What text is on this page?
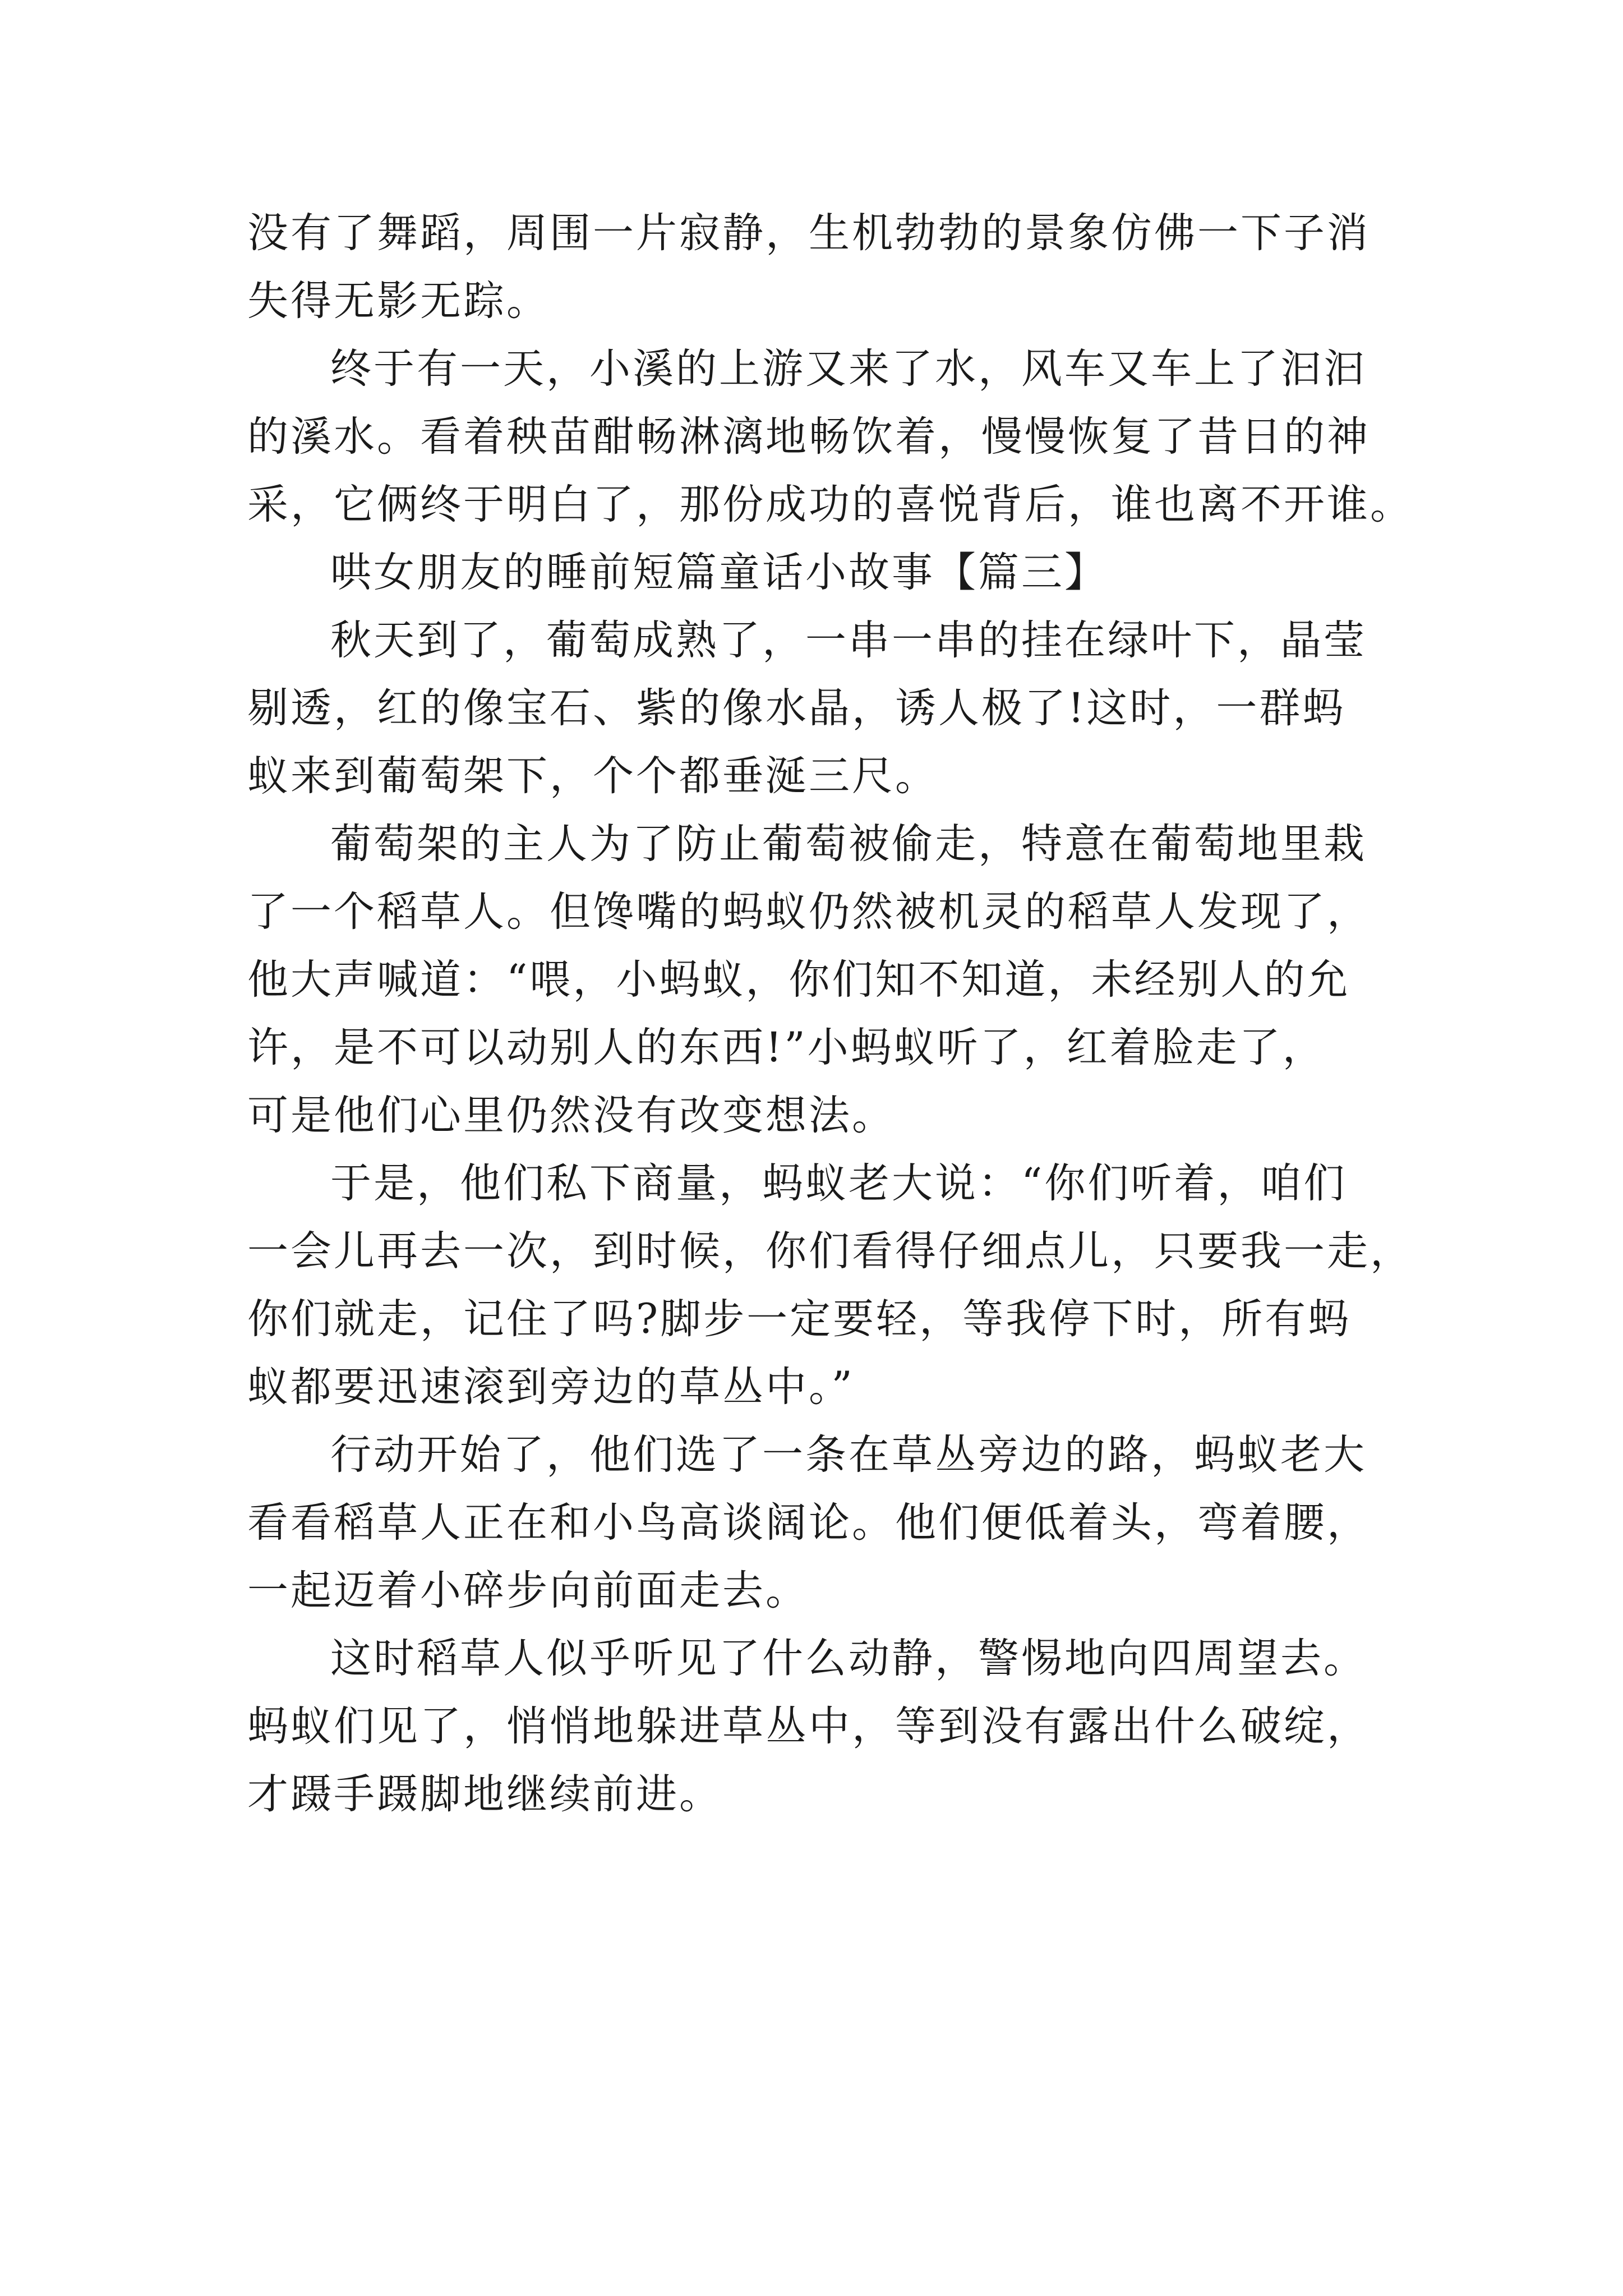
没有了舞蹈，周围一片寂静，生机勃勃的景象仿佛一下子消
失得无影无踪。
终于有一天，小溪的上游又来了水，风车又车上了汩汩
的溪水。看着秧苗酣畅淋漓地畅饮着，慢慢恢复了昔日的神
采，它俩终于明白了，那份成功的喜悦背后，谁也离不开谁。
哄女朋友的睡前短篇童话小故事【篇三】
秋天到了，葡萄成熟了，一串一串的挂在绿叶下，晶莹
剔透，红的像宝石、紫的像水晶，诱人极了!这时，一群蚂
蚁来到葡萄架下，个个都垂涎三尺。
葡萄架的主人为了防止葡萄被偷走，特意在葡萄地里栽
了一个稻草人。但馋嘴的蚂蚁仍然被机灵的稻草人发现了，
他大声喊道：“喂，小蚂蚁，你们知不知道，未经别人的允
许，是不可以动别人的东西!”小蚂蚁听了，红着脸走了，
可是他们心里仍然没有改变想法。
于是，他们私下商量，蚂蚁老大说：“你们听着，咱们
一会儿再去一次，到时候，你们看得仔细点儿，只要我一走，
你们就走，记住了吗?脚步一定要轻，等我停下时，所有蚂
蚁都要迅速滚到旁边的草丛中。”
行动开始了，他们选了一条在草丛旁边的路，蚂蚁老大
看看稻草人正在和小鸟高谈阔论。他们便低着头，弯着腰，
一起迈着小碎步向前面走去。
这时稻草人似乎听见了什么动静，警惕地向四周望去。
蚂蚁们见了，悄悄地躲进草丛中，等到没有露出什么破绽，
才蹑手蹑脚地继续前进。
